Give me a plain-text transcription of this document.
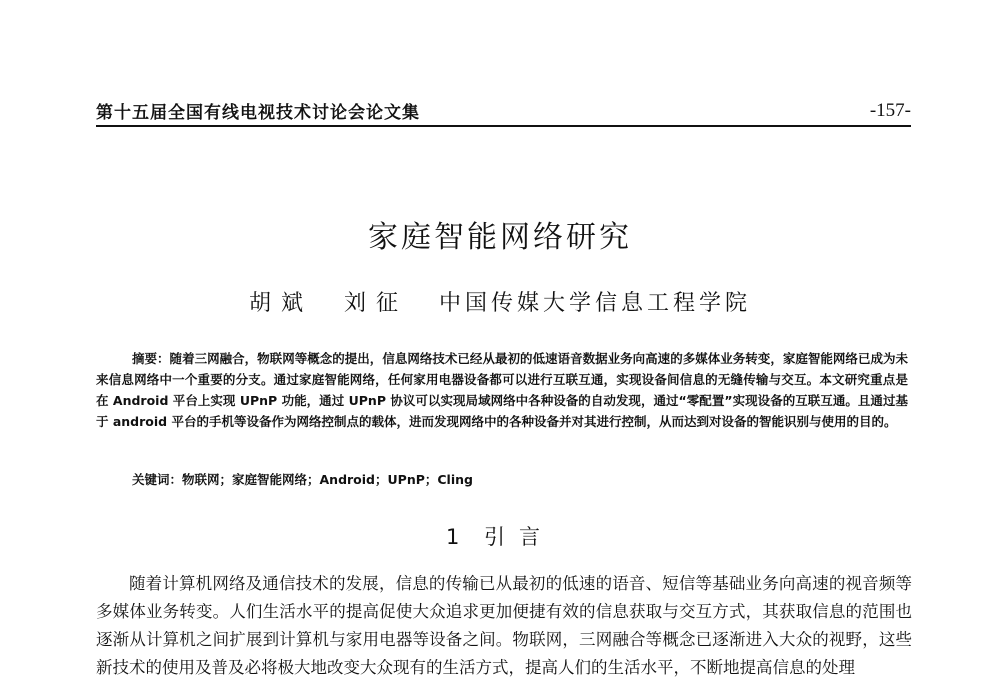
第十五届全国有线电视技术讨论会论文集	-157-
家庭智能网络研究
胡斌 刘征 中国传媒大学信息工程学院
摘要：随着三网融合，物联网等概念的提出，信息网络技术已经从最初的低速语音数据业务向高速的多媒体业务转变，家庭智能网络已成为未来信息网络中一个重要的分支。通过家庭智能网络，任何家用电器设备都可以进行互联互通，实现设备间信息的无缝传输与交互。本文研究重点是在 Android 平台上实现 UPnP 功能，通过 UPnP 协议可以实现局域网络中各种设备的自动发现，通过“零配置”实现设备的互联互通。且通过基于 android 平台的手机等设备作为网络控制点的载体，进而发现网络中的各种设备并对其进行控制，从而达到对设备的智能识别与使用的目的。
关键词：物联网；家庭智能网络；Android；UPnP；Cling
1 引言
随着计算机网络及通信技术的发展，信息的传输已从最初的低速的语音、短信等基础业务向高速的视音频等多媒体业务转变。人们生活水平的提高促使大众追求更加便捷有效的信息获取与交互方式，其获取信息的范围也逐渐从计算机之间扩展到计算机与家用电器等设备之间。物联网，三网融合等概念已逐渐进入大众的视野，这些新技术的使用及普及必将极大地改变大众现有的生活方式，提高人们的生活水平，不断地提高信息的处理
